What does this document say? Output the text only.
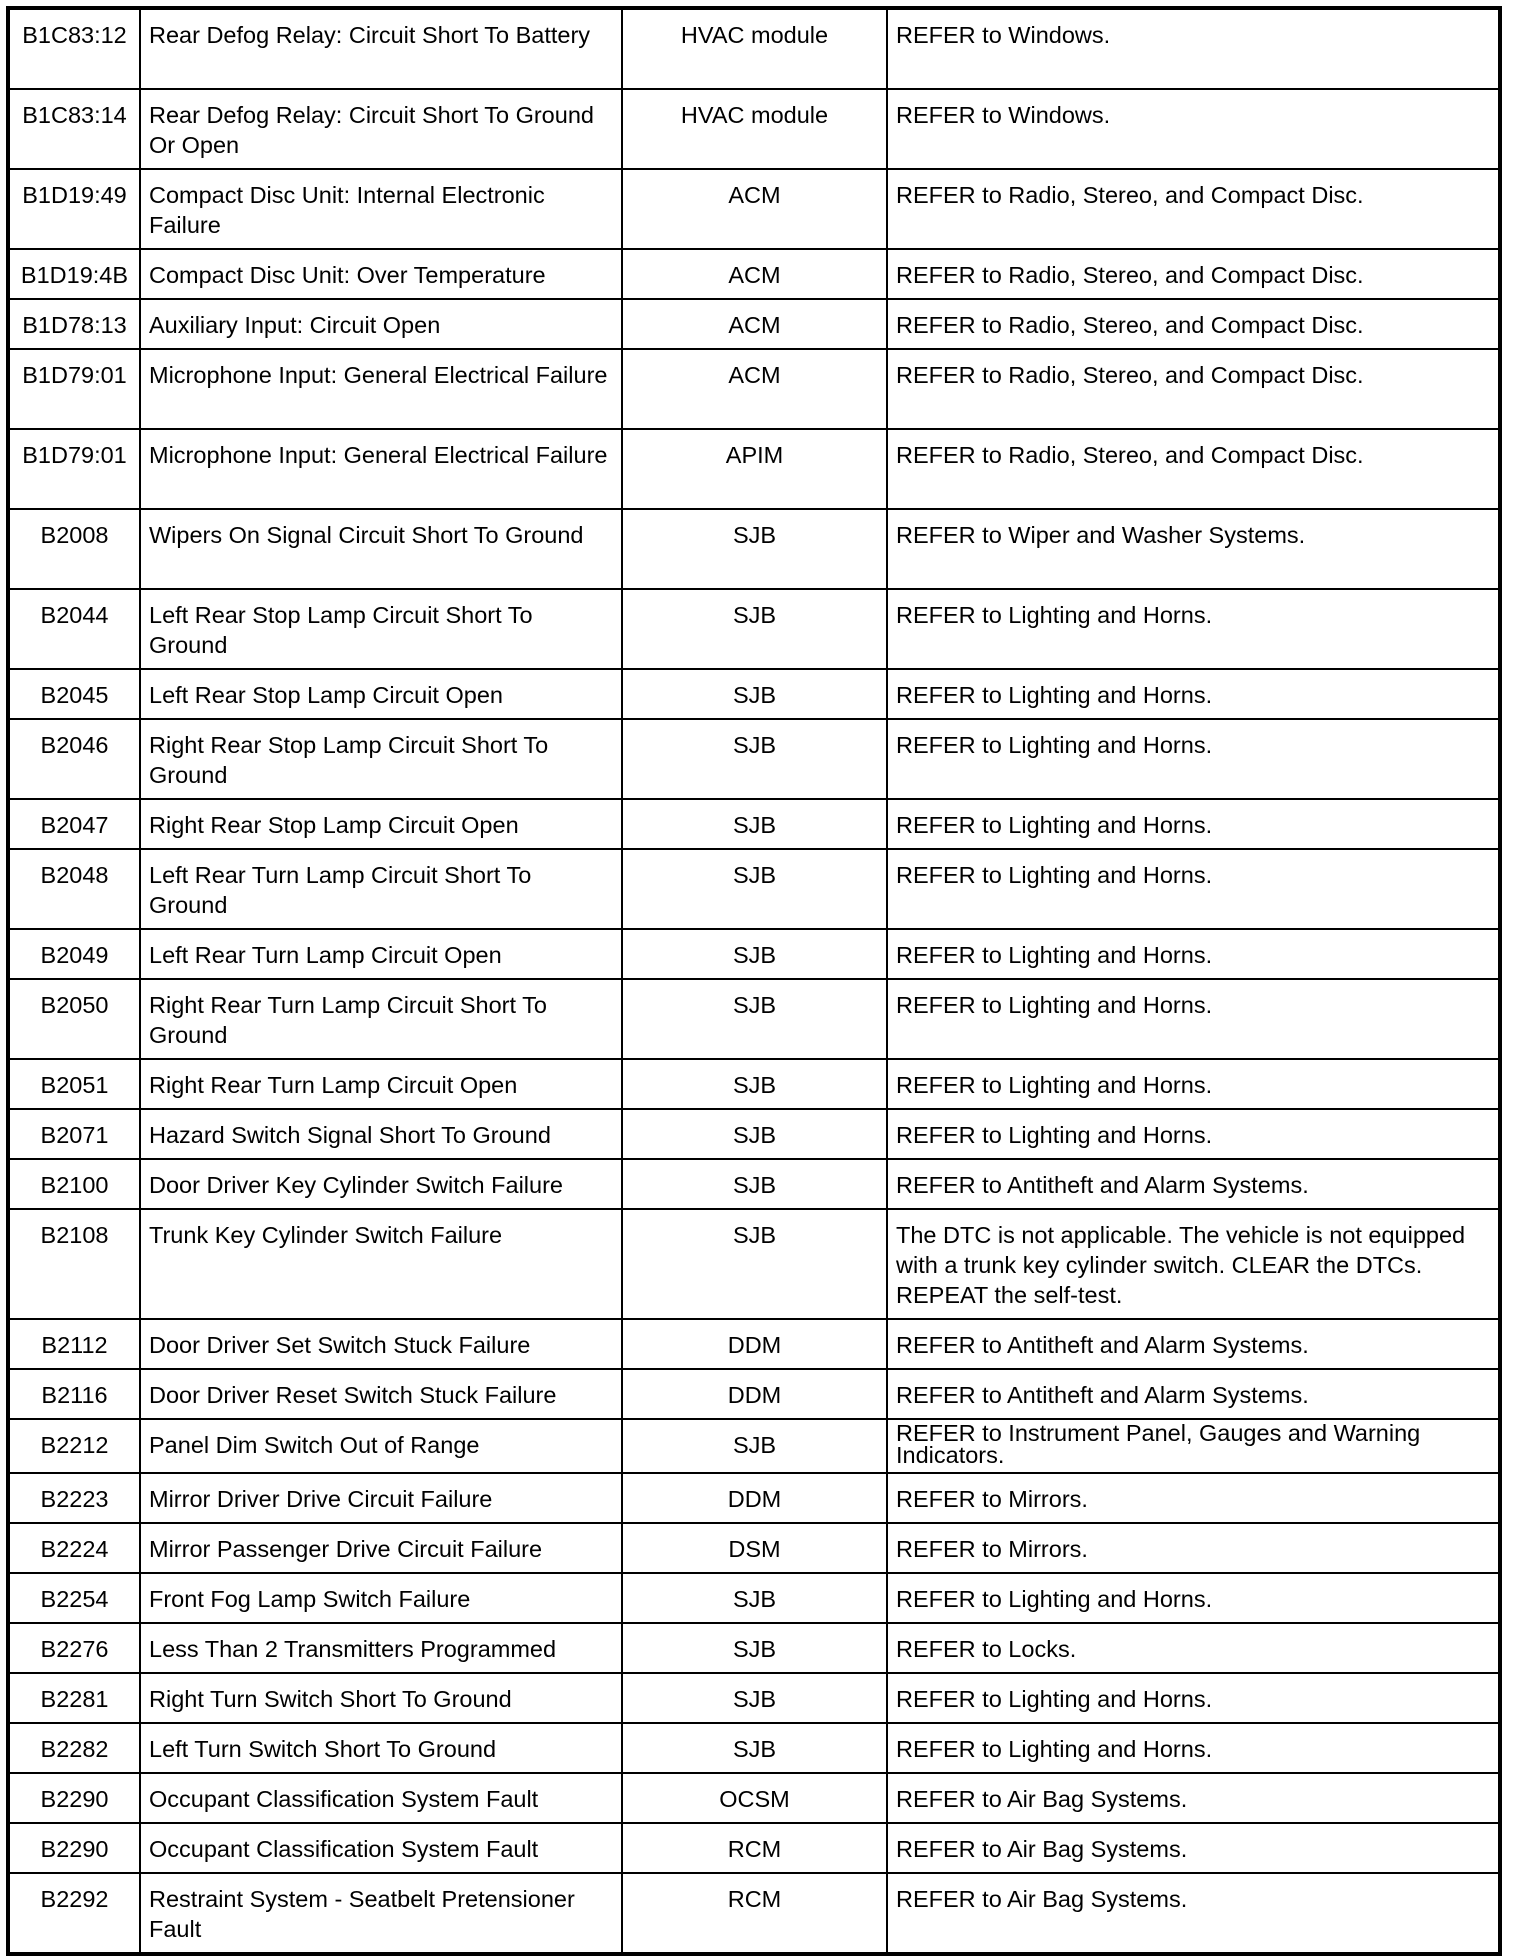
B1C83:12	Rear Defog Relay: Circuit Short To Battery	HVAC module	REFER to Windows.
B1C83:14	Rear Defog Relay: Circuit Short To Ground Or Open	HVAC module	REFER to Windows.
B1D19:49	Compact Disc Unit: Internal Electronic Failure	ACM	REFER to Radio, Stereo, and Compact Disc.
B1D19:4B	Compact Disc Unit: Over Temperature	ACM	REFER to Radio, Stereo, and Compact Disc.
B1D78:13	Auxiliary Input: Circuit Open	ACM	REFER to Radio, Stereo, and Compact Disc.
B1D79:01	Microphone Input: General Electrical Failure	ACM	REFER to Radio, Stereo, and Compact Disc.
B1D79:01	Microphone Input: General Electrical Failure	APIM	REFER to Radio, Stereo, and Compact Disc.
B2008	Wipers On Signal Circuit Short To Ground	SJB	REFER to Wiper and Washer Systems.
B2044	Left Rear Stop Lamp Circuit Short To Ground	SJB	REFER to Lighting and Horns.
B2045	Left Rear Stop Lamp Circuit Open	SJB	REFER to Lighting and Horns.
B2046	Right Rear Stop Lamp Circuit Short To Ground	SJB	REFER to Lighting and Horns.
B2047	Right Rear Stop Lamp Circuit Open	SJB	REFER to Lighting and Horns.
B2048	Left Rear Turn Lamp Circuit Short To Ground	SJB	REFER to Lighting and Horns.
B2049	Left Rear Turn Lamp Circuit Open	SJB	REFER to Lighting and Horns.
B2050	Right Rear Turn Lamp Circuit Short To Ground	SJB	REFER to Lighting and Horns.
B2051	Right Rear Turn Lamp Circuit Open	SJB	REFER to Lighting and Horns.
B2071	Hazard Switch Signal Short To Ground	SJB	REFER to Lighting and Horns.
B2100	Door Driver Key Cylinder Switch Failure	SJB	REFER to Antitheft and Alarm Systems.
B2108	Trunk Key Cylinder Switch Failure	SJB	The DTC is not applicable. The vehicle is not equipped with a trunk key cylinder switch. CLEAR the DTCs. REPEAT the self-test.
B2112	Door Driver Set Switch Stuck Failure	DDM	REFER to Antitheft and Alarm Systems.
B2116	Door Driver Reset Switch Stuck Failure	DDM	REFER to Antitheft and Alarm Systems.
B2212	Panel Dim Switch Out of Range	SJB	REFER to Instrument Panel, Gauges and Warning Indicators.
B2223	Mirror Driver Drive Circuit Failure	DDM	REFER to Mirrors.
B2224	Mirror Passenger Drive Circuit Failure	DSM	REFER to Mirrors.
B2254	Front Fog Lamp Switch Failure	SJB	REFER to Lighting and Horns.
B2276	Less Than 2 Transmitters Programmed	SJB	REFER to Locks.
B2281	Right Turn Switch Short To Ground	SJB	REFER to Lighting and Horns.
B2282	Left Turn Switch Short To Ground	SJB	REFER to Lighting and Horns.
B2290	Occupant Classification System Fault	OCSM	REFER to Air Bag Systems.
B2290	Occupant Classification System Fault	RCM	REFER to Air Bag Systems.
B2292	Restraint System - Seatbelt Pretensioner Fault	RCM	REFER to Air Bag Systems.
